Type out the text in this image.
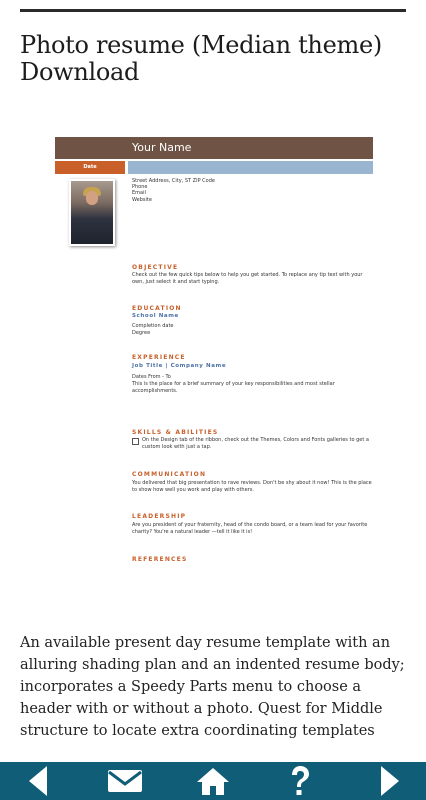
Photo resume (Median theme) Download
Your Name
Date
Street Address, City, ST ZIP Code
Phone
Email
Website
OBJECTIVE
Check out the few quick tips below to help you get started. To replace any tip text with your own, just select it and start typing.
EDUCATION
School Name
Completion date
Degree
EXPERIENCE
Job Title | Company Name
Dates From - To
This is the place for a brief summary of your key responsibilities and most stellar accomplishments.
SKILLS & ABILITIES
On the Design tab of the ribbon, check out the Themes, Colors and Fonts galleries to get a custom look with just a tap.
COMMUNICATION
You delivered that big presentation to rave reviews. Don't be shy about it now! This is the place to show how well you work and play with others.
LEADERSHIP
Are you president of your fraternity, head of the condo board, or a team lead for your favorite charity? You're a natural leader —tell it like it is!
REFERENCES
An available present day resume template with an alluring shading plan and an indented resume body; incorporates a Speedy Parts menu to choose a header with or without a photo. Quest for Middle structure to locate extra coordinating templates
